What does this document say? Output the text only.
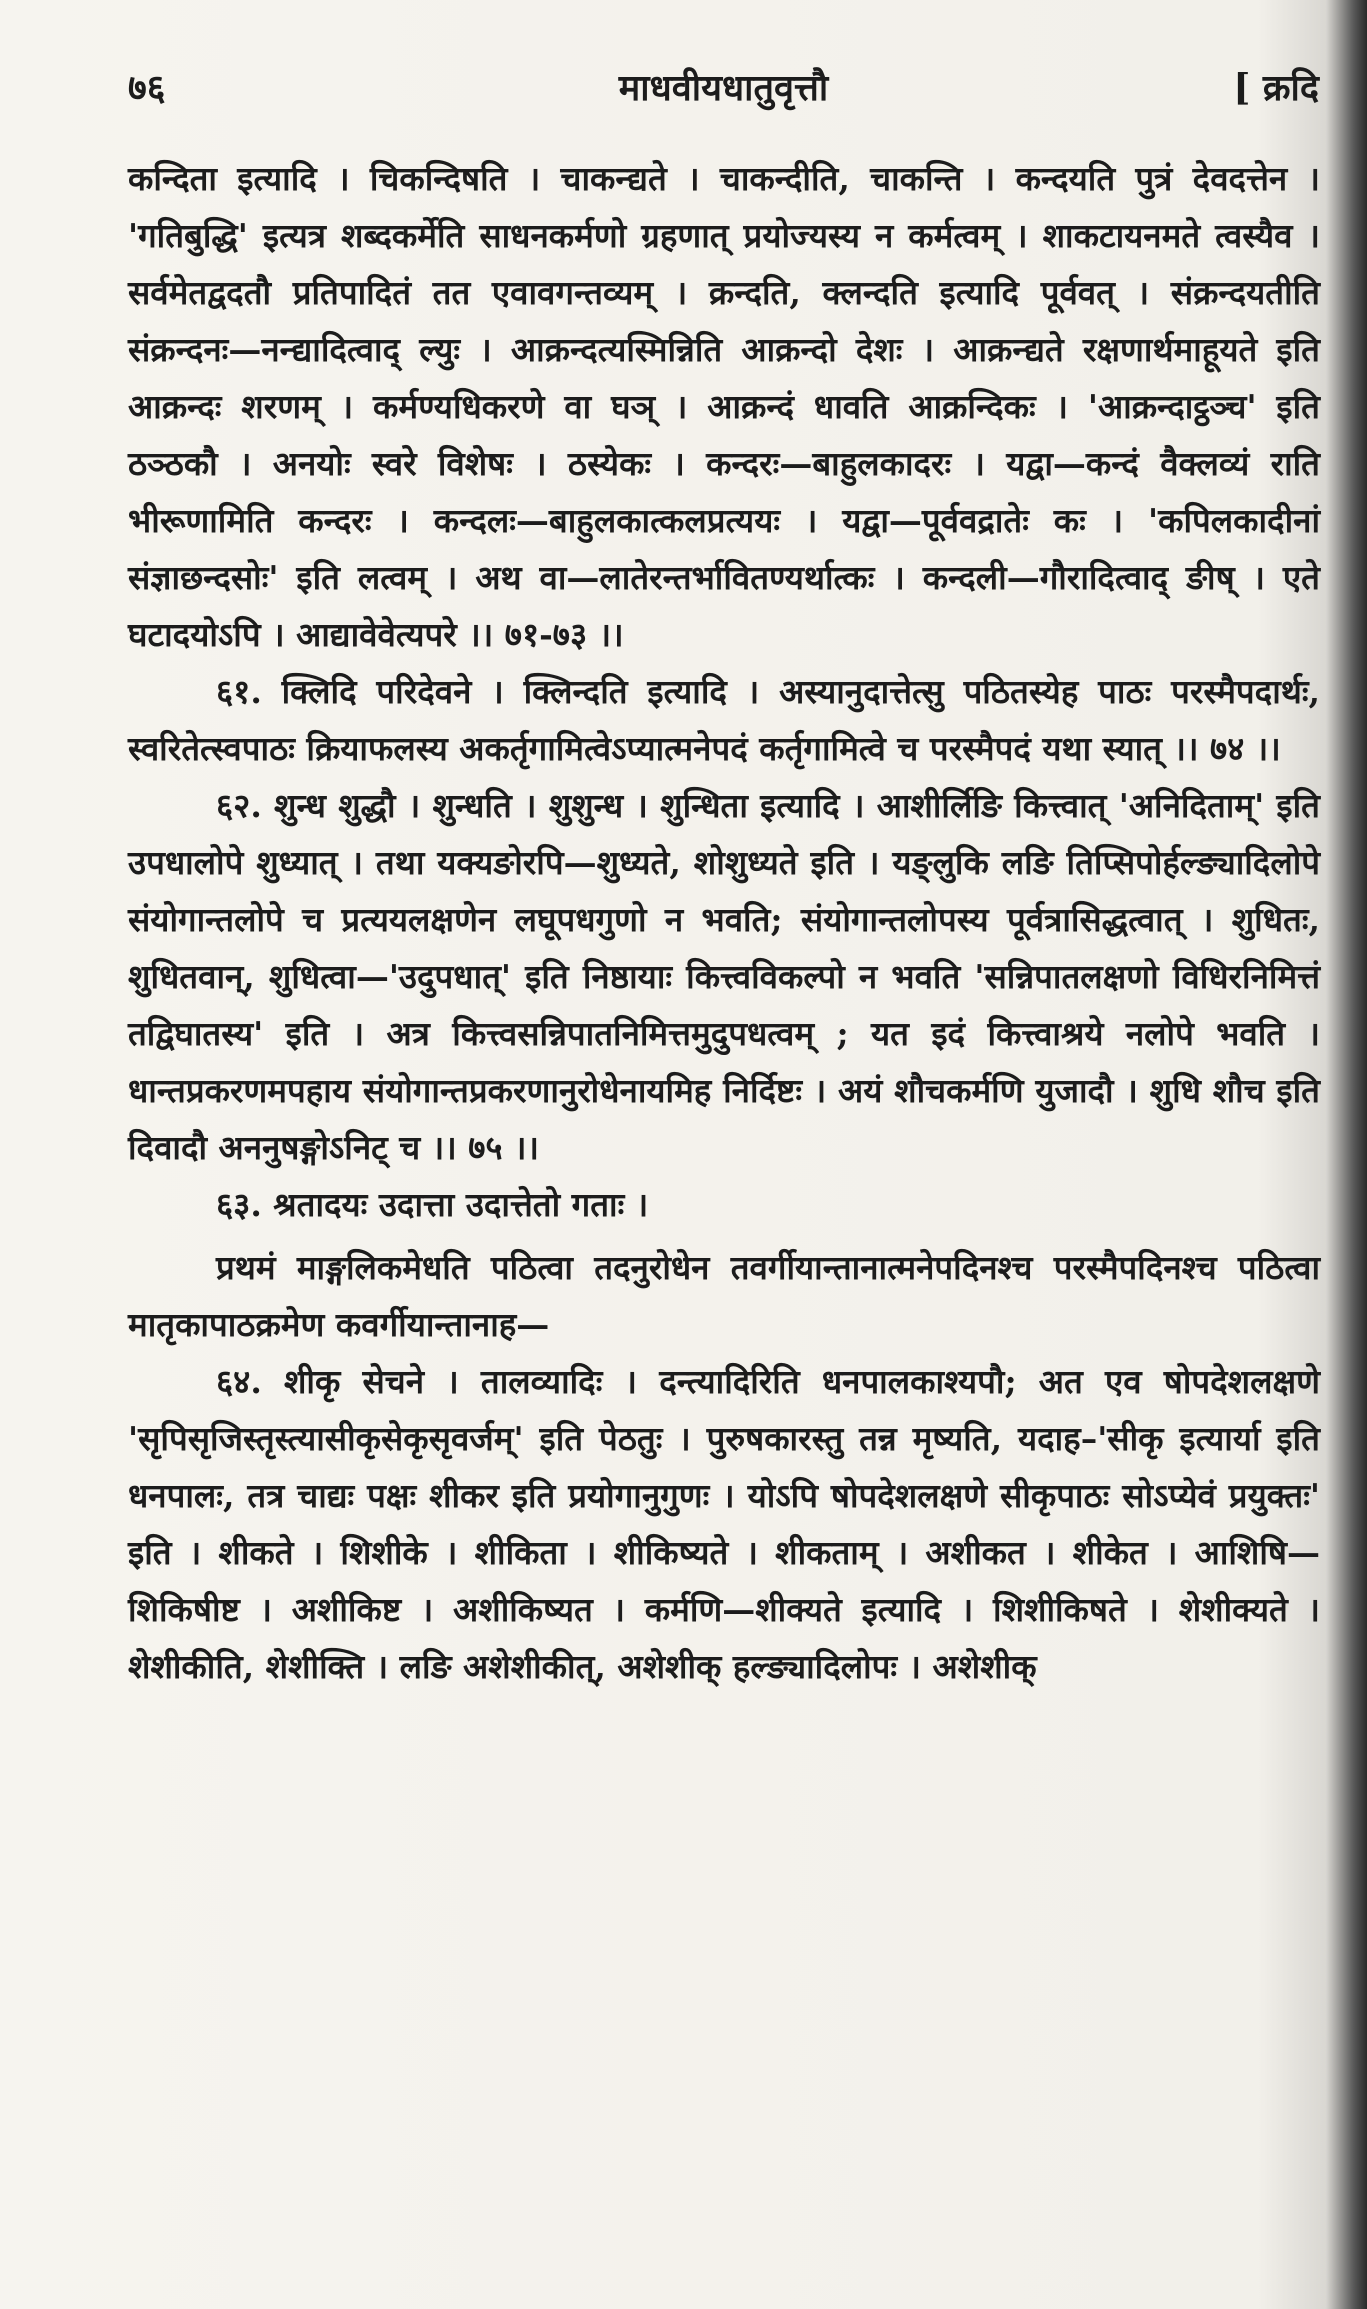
७६	माधवीयधातुवृत्तौ	[ क्रदि

कन्दिता इत्यादि । चिकन्दिषति । चाकन्द्यते । चाकन्दीति, चाकन्ति । कन्दयति पुत्रं देवदत्तेन । 'गतिबुद्धि' इत्यत्र शब्दकर्मेति साधनकर्मणो ग्रहणात् प्रयोज्यस्य न कर्मत्वम् । शाकटायनमते त्वस्यैव । सर्वमेतद्वदतौ प्रतिपादितं तत एवावगन्तव्यम् । क्रन्दति, क्लन्दति इत्यादि पूर्ववत् । संक्रन्दयतीति संक्रन्दनः—नन्द्यादित्वाद् ल्युः । आक्रन्दत्यस्मिन्निति आक्रन्दो देशः । आक्रन्द्यते रक्षणार्थमाहूयते इति आक्रन्दः शरणम् । कर्मण्यधिकरणे वा घञ् । आक्रन्दं धावति आक्रन्दिकः । 'आक्रन्दाट्ठञ्च' इति ठञ्ठकौ । अनयोः स्वरे विशेषः । ठस्येकः । कन्दरः—बाहुलकादरः । यद्वा—कन्दं वैक्लव्यं राति भीरूणामिति कन्दरः । कन्दलः—बाहुलकात्कलप्रत्ययः । यद्वा—पूर्ववद्रातेः कः । 'कपिलकादीनां संज्ञाछन्दसोः' इति लत्वम् । अथ वा—लातेरन्तर्भावितण्यर्थात्कः । कन्दली—गौरादित्वाद् ङीष् । एते घटादयोऽपि । आद्यावेवेत्यपरे ।। ७१-७३ ।।

६१. क्लिदि परिदेवने । क्लिन्दति इत्यादि । अस्यानुदात्तेत्सु पठितस्येह पाठः परस्मैपदार्थः, स्वरितेत्स्वपाठः क्रियाफलस्य अकर्तृगामित्वेऽप्यात्मनेपदं कर्तृगामित्वे च परस्मैपदं यथा स्यात् ।। ७४ ।।

६२. शुन्ध शुद्धौ । शुन्धति । शुशुन्ध । शुन्धिता इत्यादि । आशीर्लिङि कित्त्वात् 'अनिदिताम्' इति उपधालोपे शुध्यात् । तथा यक्यङोरपि—शुध्यते, शोशुध्यते इति । यङ्लुकि लङि तिप्सिपोर्हल्ङ्यादिलोपे संयोगान्तलोपे च प्रत्ययलक्षणेन लघूपधगुणो न भवति; संयोगान्तलोपस्य पूर्वत्रासिद्धत्वात् । शुधितः, शुधितवान्, शुधित्वा—'उदुपधात्' इति निष्ठायाः कित्त्वविकल्पो न भवति 'सन्निपातलक्षणो विधिरनिमित्तं तद्विघातस्य' इति । अत्र कित्त्वसन्निपातनिमित्तमुदुपधत्वम् ; यत इदं कित्त्वाश्रये नलोपे भवति । धान्तप्रकरणमपहाय संयोगान्तप्रकरणानुरोधेनायमिह निर्दिष्टः । अयं शौचकर्मणि युजादौ । शुधि शौच इति दिवादौ अननुषङ्गोऽनिट् च ।। ७५ ।।

६३. श्रतादयः उदात्ता उदात्तेतो गताः ।

प्रथमं माङ्गलिकमेधति पठित्वा तदनुरोधेन तवर्गीयान्तानात्मनेपदिनश्च परस्मैपदिनश्च पठित्वा मातृकापाठक्रमेण कवर्गीयान्तानाह—

६४. शीकृ सेचने । तालव्यादिः । दन्त्यादिरिति धनपालकाश्यपौ; अत एव षोपदेशलक्षणे 'सृपिसृजिस्तृस्त्यासीकृसेकृसृवर्जम्' इति पेठतुः । पुरुषकारस्तु तन्न मृष्यति, यदाह–'सीकृ इत्यार्या इति धनपालः, तत्र चाद्यः पक्षः शीकर इति प्रयोगानुगुणः । योऽपि षोपदेशलक्षणे सीकृपाठः सोऽप्येवं प्रयुक्तः' इति । शीकते । शिशीके । शीकिता । शीकिष्यते । शीकताम् । अशीकत । शीकेत । आशिषि—शिकिषीष्ट । अशीकिष्ट । अशीकिष्यत । कर्मणि—शीक्यते इत्यादि । शिशीकिषते । शेशीक्यते । शेशीकीति, शेशीक्ति । लङि अशेशीकीत्, अशेशीक् हल्ङ्यादिलोपः । अशेशीक्
